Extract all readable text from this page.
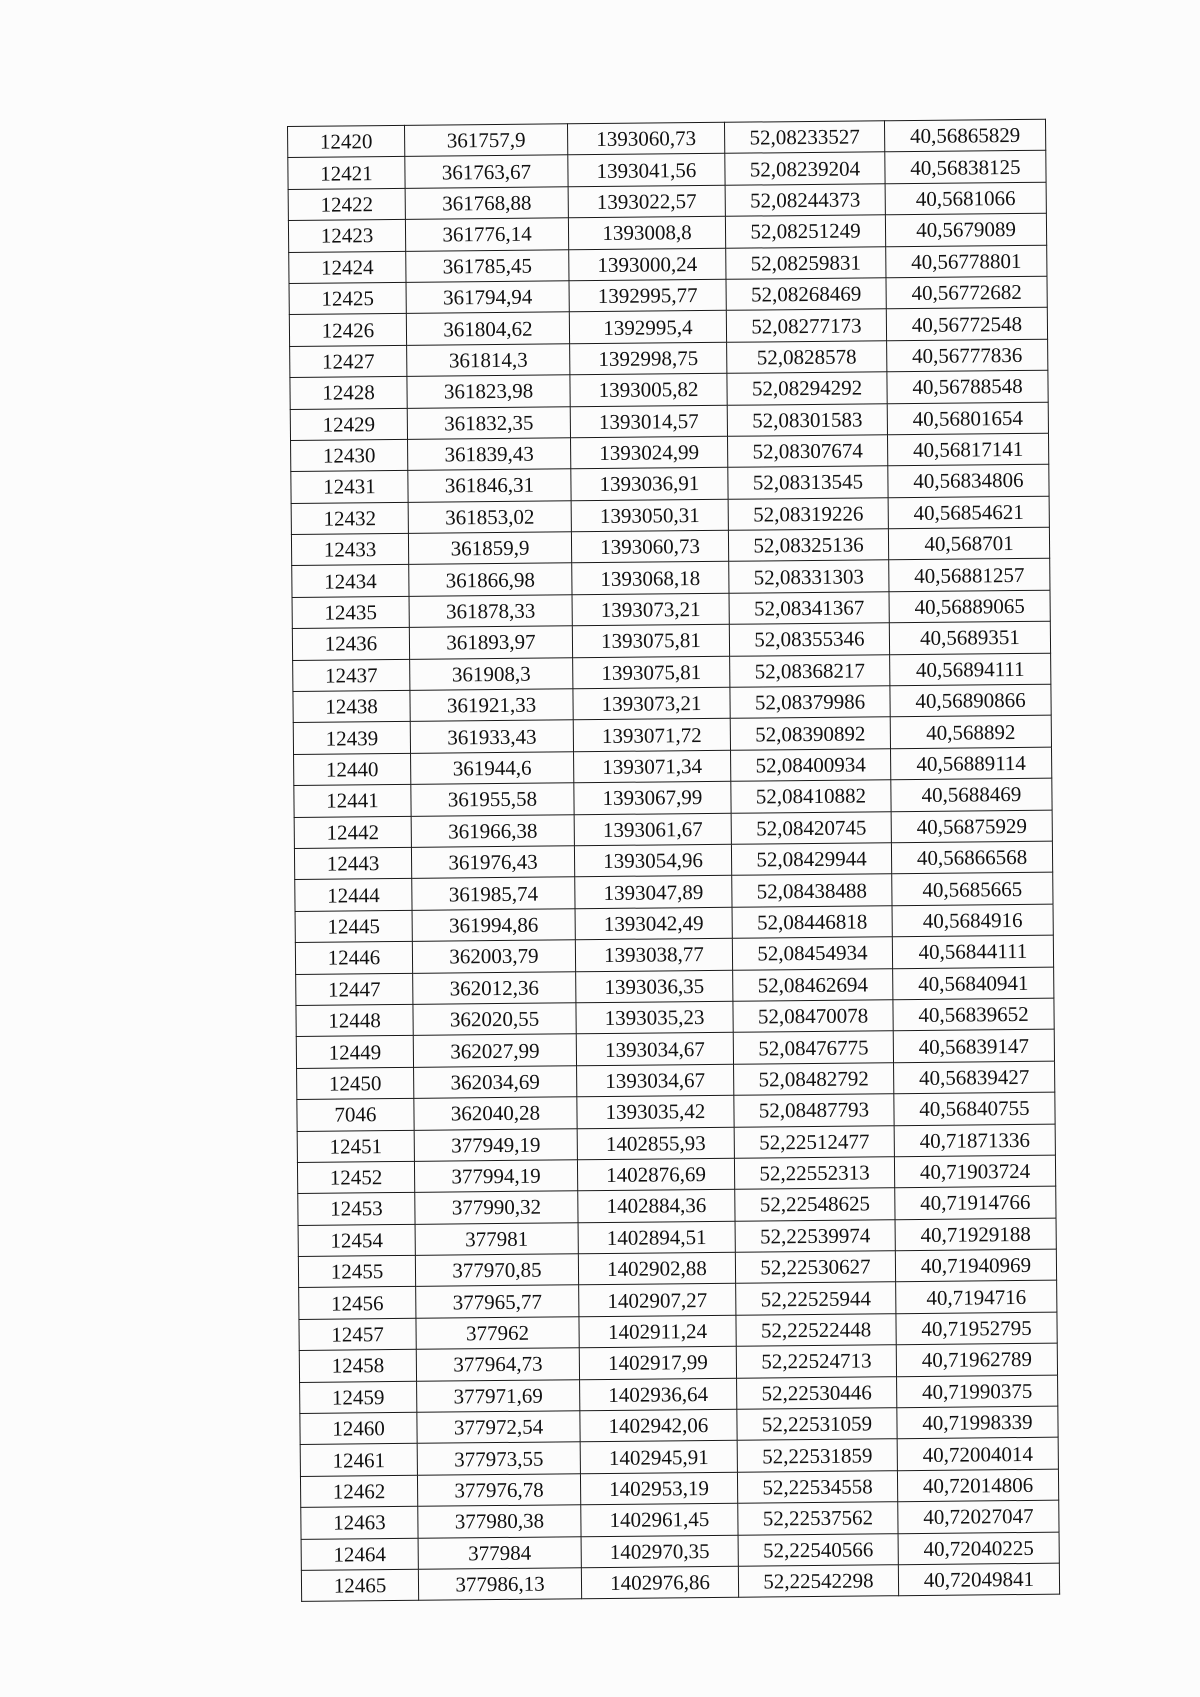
12420	361757,9	1393060,73	52,08233527	40,56865829
12421	361763,67	1393041,56	52,08239204	40,56838125
12422	361768,88	1393022,57	52,08244373	40,5681066
12423	361776,14	1393008,8	52,08251249	40,5679089
12424	361785,45	1393000,24	52,08259831	40,56778801
12425	361794,94	1392995,77	52,08268469	40,56772682
12426	361804,62	1392995,4	52,08277173	40,56772548
12427	361814,3	1392998,75	52,0828578	40,56777836
12428	361823,98	1393005,82	52,08294292	40,56788548
12429	361832,35	1393014,57	52,08301583	40,56801654
12430	361839,43	1393024,99	52,08307674	40,56817141
12431	361846,31	1393036,91	52,08313545	40,56834806
12432	361853,02	1393050,31	52,08319226	40,56854621
12433	361859,9	1393060,73	52,08325136	40,568701
12434	361866,98	1393068,18	52,08331303	40,56881257
12435	361878,33	1393073,21	52,08341367	40,56889065
12436	361893,97	1393075,81	52,08355346	40,5689351
12437	361908,3	1393075,81	52,08368217	40,56894111
12438	361921,33	1393073,21	52,08379986	40,56890866
12439	361933,43	1393071,72	52,08390892	40,568892
12440	361944,6	1393071,34	52,08400934	40,56889114
12441	361955,58	1393067,99	52,08410882	40,5688469
12442	361966,38	1393061,67	52,08420745	40,56875929
12443	361976,43	1393054,96	52,08429944	40,56866568
12444	361985,74	1393047,89	52,08438488	40,5685665
12445	361994,86	1393042,49	52,08446818	40,5684916
12446	362003,79	1393038,77	52,08454934	40,56844111
12447	362012,36	1393036,35	52,08462694	40,56840941
12448	362020,55	1393035,23	52,08470078	40,56839652
12449	362027,99	1393034,67	52,08476775	40,56839147
12450	362034,69	1393034,67	52,08482792	40,56839427
7046	362040,28	1393035,42	52,08487793	40,56840755
12451	377949,19	1402855,93	52,22512477	40,71871336
12452	377994,19	1402876,69	52,22552313	40,71903724
12453	377990,32	1402884,36	52,22548625	40,71914766
12454	377981	1402894,51	52,22539974	40,71929188
12455	377970,85	1402902,88	52,22530627	40,71940969
12456	377965,77	1402907,27	52,22525944	40,7194716
12457	377962	1402911,24	52,22522448	40,71952795
12458	377964,73	1402917,99	52,22524713	40,71962789
12459	377971,69	1402936,64	52,22530446	40,71990375
12460	377972,54	1402942,06	52,22531059	40,71998339
12461	377973,55	1402945,91	52,22531859	40,72004014
12462	377976,78	1402953,19	52,22534558	40,72014806
12463	377980,38	1402961,45	52,22537562	40,72027047
12464	377984	1402970,35	52,22540566	40,72040225
12465	377986,13	1402976,86	52,22542298	40,72049841
